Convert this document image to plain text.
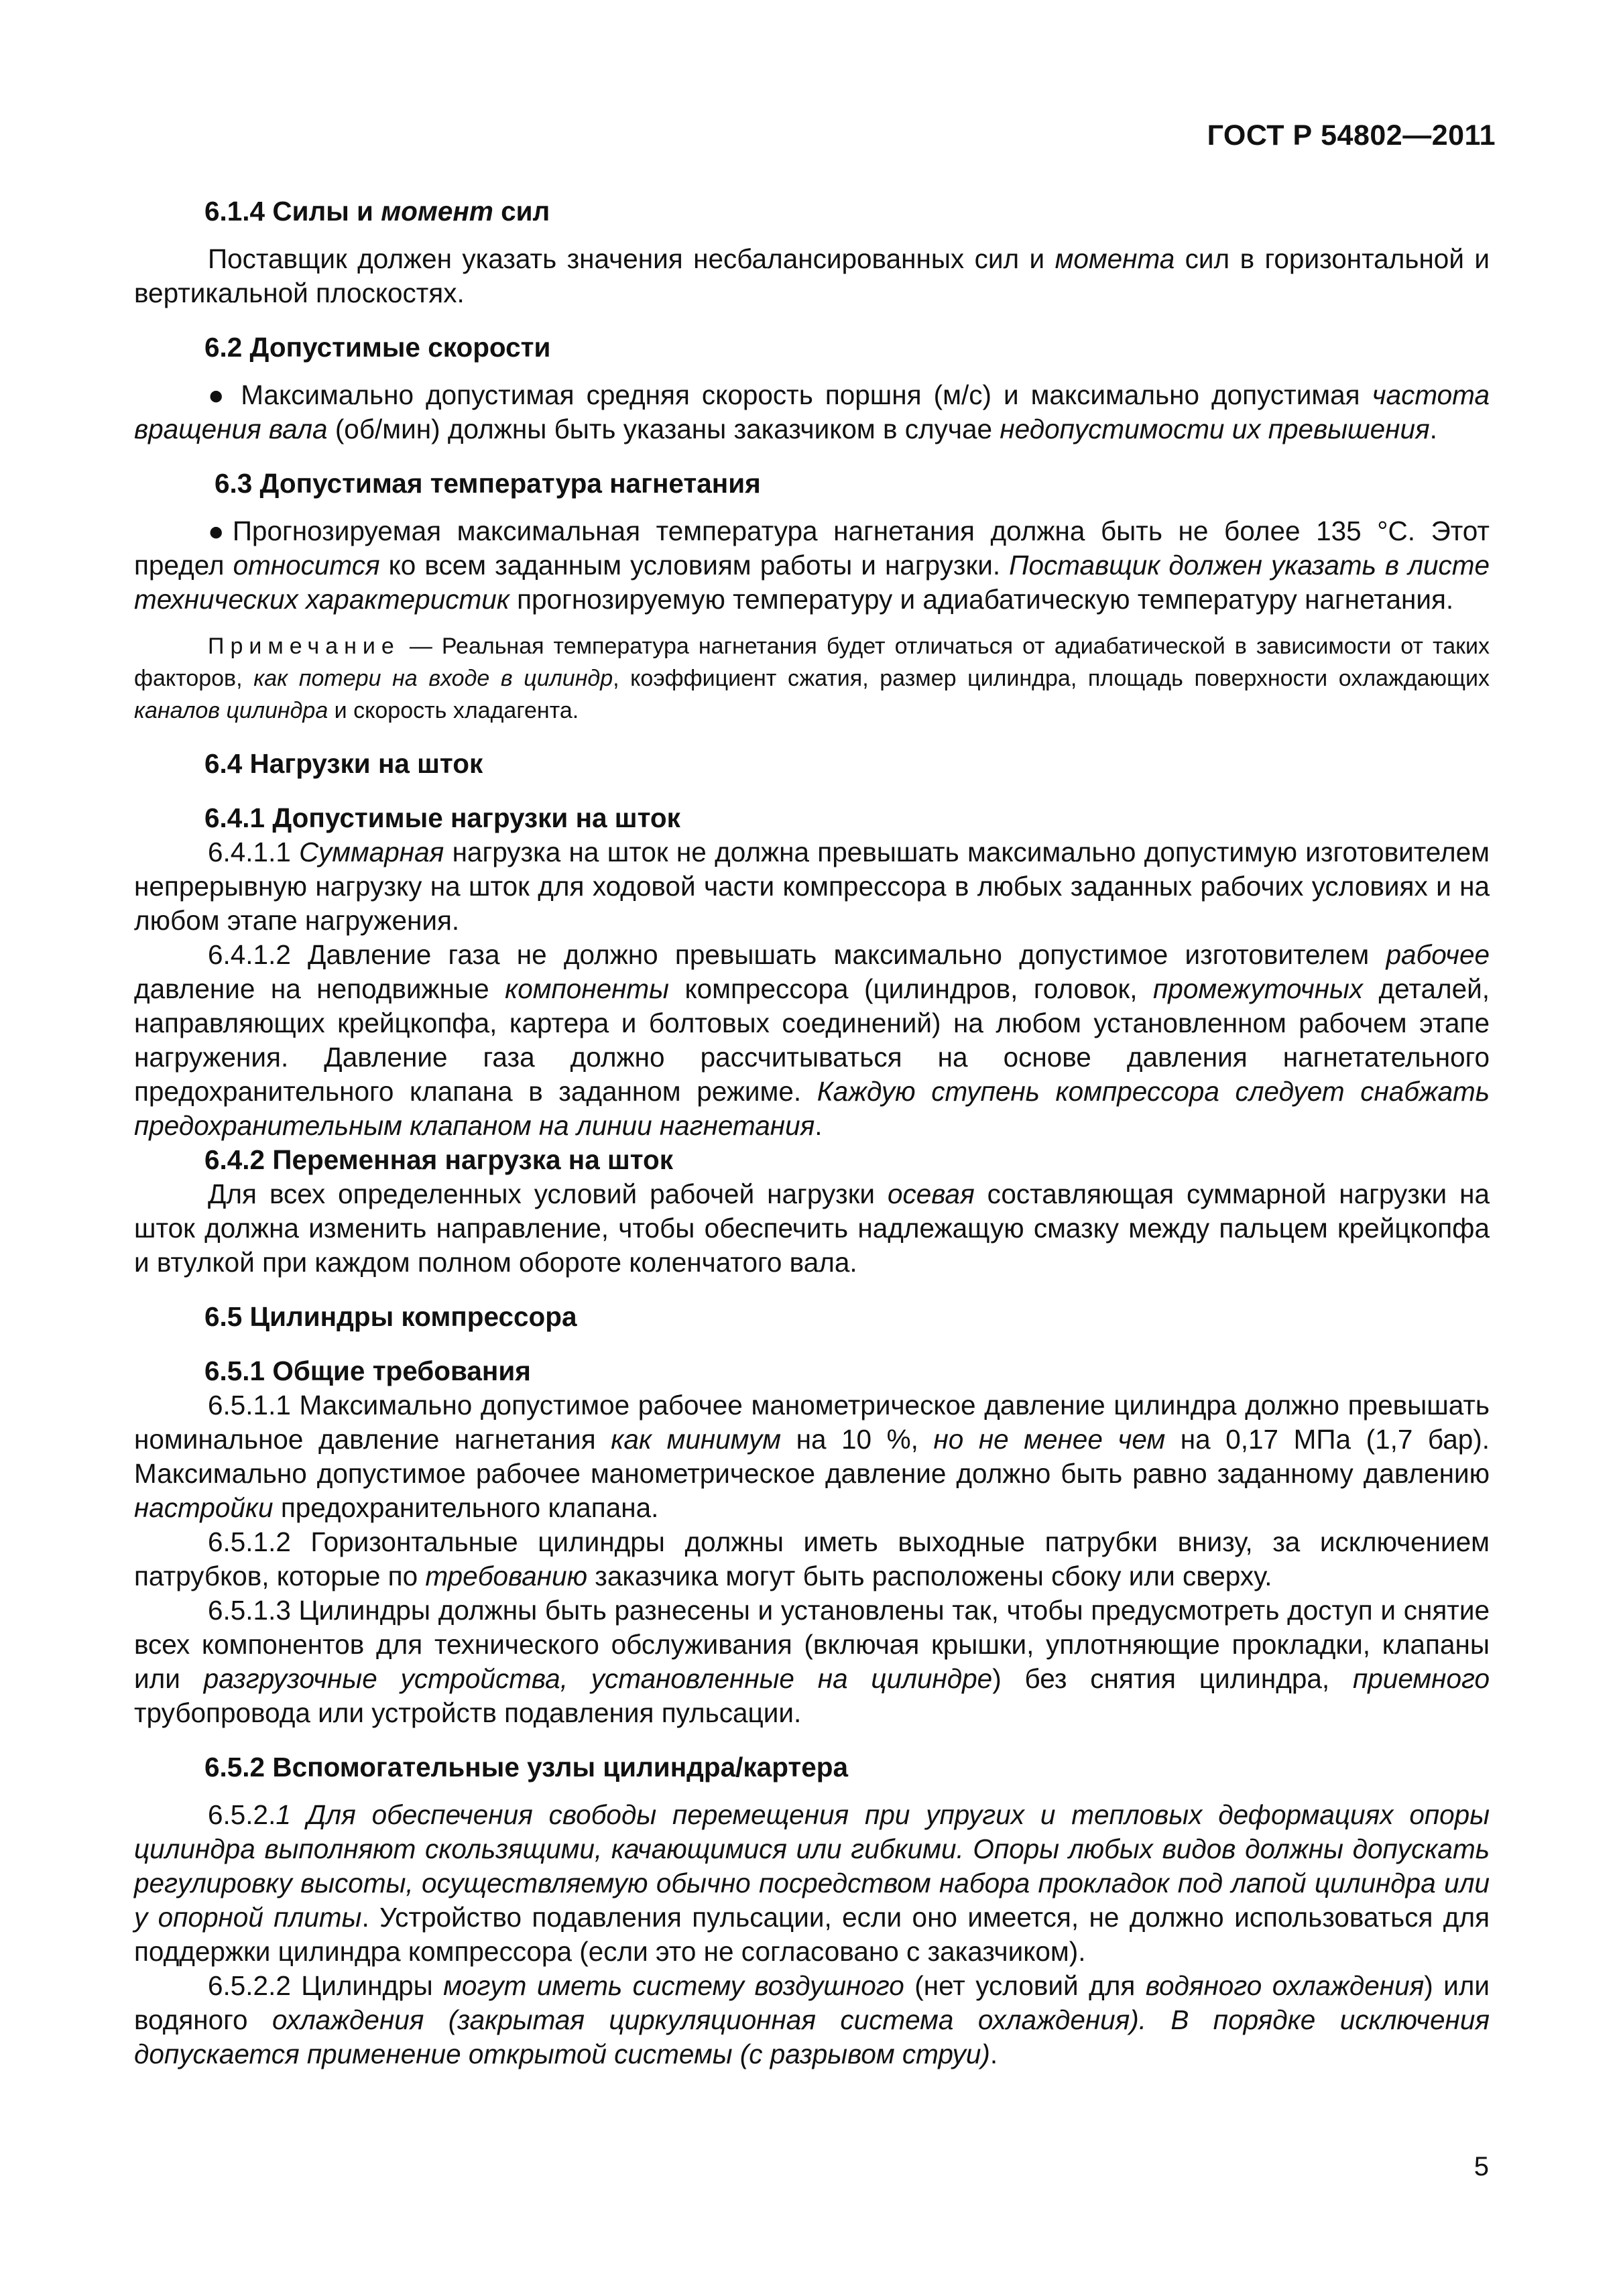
ГОСТ Р 54802—2011

6.1.4 Силы и момент сил

Поставщик должен указать значения несбалансированных сил и момента сил в горизонтальной и вертикальной плоскостях.

6.2 Допустимые скорости

● Максимально допустимая средняя скорость поршня (м/с) и максимально допустимая частота вращения вала (об/мин) должны быть указаны заказчиком в случае недопустимости их превышения.

6.3 Допустимая температура нагнетания

●Прогнозируемая максимальная температура нагнетания должна быть не более 135 °С. Этот предел относится ко всем заданным условиям работы и нагрузки. Поставщик должен указать в листе технических характеристик прогнозируемую температуру и адиабатическую температуру нагнетания.

Примечание — Реальная температура нагнетания будет отличаться от адиабатической в зависимости от таких факторов, как потери на входе в цилиндр, коэффициент сжатия, размер цилиндра, площадь поверхности охлаждающих каналов цилиндра и скорость хладагента.

6.4 Нагрузки на шток

6.4.1 Допустимые нагрузки на шток

6.4.1.1 Суммарная нагрузка на шток не должна превышать максимально допустимую изготовителем непрерывную нагрузку на шток для ходовой части компрессора в любых заданных рабочих условиях и на любом этапе нагружения.

6.4.1.2 Давление газа не должно превышать максимально допустимое изготовителем рабочее давление на неподвижные компоненты компрессора (цилиндров, головок, промежуточных деталей, направляющих крейцкопфа, картера и болтовых соединений) на любом установленном рабочем этапе нагружения. Давление газа должно рассчитываться на основе давления нагнетательного предохранительного клапана в заданном режиме. Каждую ступень компрессора следует снабжать предохранительным клапаном на линии нагнетания.

6.4.2 Переменная нагрузка на шток

Для всех определенных условий рабочей нагрузки осевая составляющая суммарной нагрузки на шток должна изменить направление, чтобы обеспечить надлежащую смазку между пальцем крейцкопфа и втулкой при каждом полном обороте коленчатого вала.

6.5 Цилиндры компрессора

6.5.1 Общие требования

6.5.1.1 Максимально допустимое рабочее манометрическое давление цилиндра должно превышать номинальное давление нагнетания как минимум на 10 %, но не менее чем на 0,17 МПа (1,7 бар). Максимально допустимое рабочее манометрическое давление должно быть равно заданному давлению настройки предохранительного клапана.

6.5.1.2 Горизонтальные цилиндры должны иметь выходные патрубки внизу, за исключением патрубков, которые по требованию заказчика могут быть расположены сбоку или сверху.

6.5.1.3 Цилиндры должны быть разнесены и установлены так, чтобы предусмотреть доступ и снятие всех компонентов для технического обслуживания (включая крышки, уплотняющие прокладки, клапаны или разгрузочные устройства, установленные на цилиндре) без снятия цилиндра, приемного трубопровода или устройств подавления пульсации.

6.5.2 Вспомогательные узлы цилиндра/картера

6.5.2.1 Для обеспечения свободы перемещения при упругих и тепловых деформациях опоры цилиндра выполняют скользящими, качающимися или гибкими. Опоры любых видов должны допускать регулировку высоты, осуществляемую обычно посредством набора прокладок под лапой цилиндра или у опорной плиты. Устройство подавления пульсации, если оно имеется, не должно использоваться для поддержки цилиндра компрессора (если это не согласовано с заказчиком).

6.5.2.2 Цилиндры могут иметь систему воздушного (нет условий для водяного охлаждения) или водяного охлаждения (закрытая циркуляционная система охлаждения). В порядке исключения допускается применение открытой системы (с разрывом струи).

5
